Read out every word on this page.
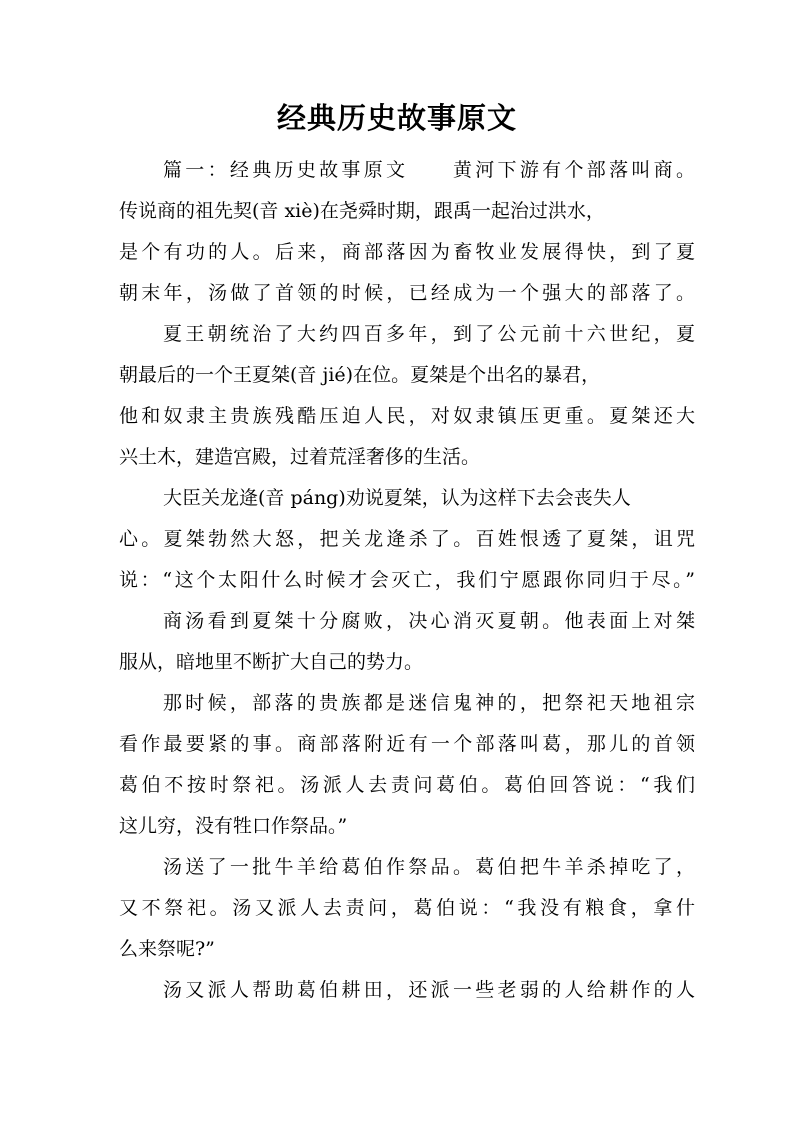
经典历史故事原文
篇一：经典历史故事原文　　黄河下游有个部落叫商。
传说商的祖先契(音 xiè)在尧舜时期，跟禹一起治过洪水，
是个有功的人。后来，商部落因为畜牧业发展得快，到了夏
朝末年，汤做了首领的时候，已经成为一个强大的部落了。
夏王朝统治了大约四百多年，到了公元前十六世纪，夏
朝最后的一个王夏桀(音 jié)在位。夏桀是个出名的暴君，
他和奴隶主贵族残酷压迫人民，对奴隶镇压更重。夏桀还大
兴土木，建造宫殿，过着荒淫奢侈的生活。
大臣关龙逄(音 páng)劝说夏桀，认为这样下去会丧失人
心。夏桀勃然大怒，把关龙逄杀了。百姓恨透了夏桀，诅咒
说：“这个太阳什么时候才会灭亡，我们宁愿跟你同归于尽。”
商汤看到夏桀十分腐败，决心消灭夏朝。他表面上对桀
服从，暗地里不断扩大自己的势力。
那时候，部落的贵族都是迷信鬼神的，把祭祀天地祖宗
看作最要紧的事。商部落附近有一个部落叫葛，那儿的首领
葛伯不按时祭祀。汤派人去责问葛伯。葛伯回答说：“我们
这儿穷，没有牲口作祭品。”
汤送了一批牛羊给葛伯作祭品。葛伯把牛羊杀掉吃了，
又不祭祀。汤又派人去责问，葛伯说：“我没有粮食，拿什
么来祭呢?”
汤又派人帮助葛伯耕田，还派一些老弱的人给耕作的人
